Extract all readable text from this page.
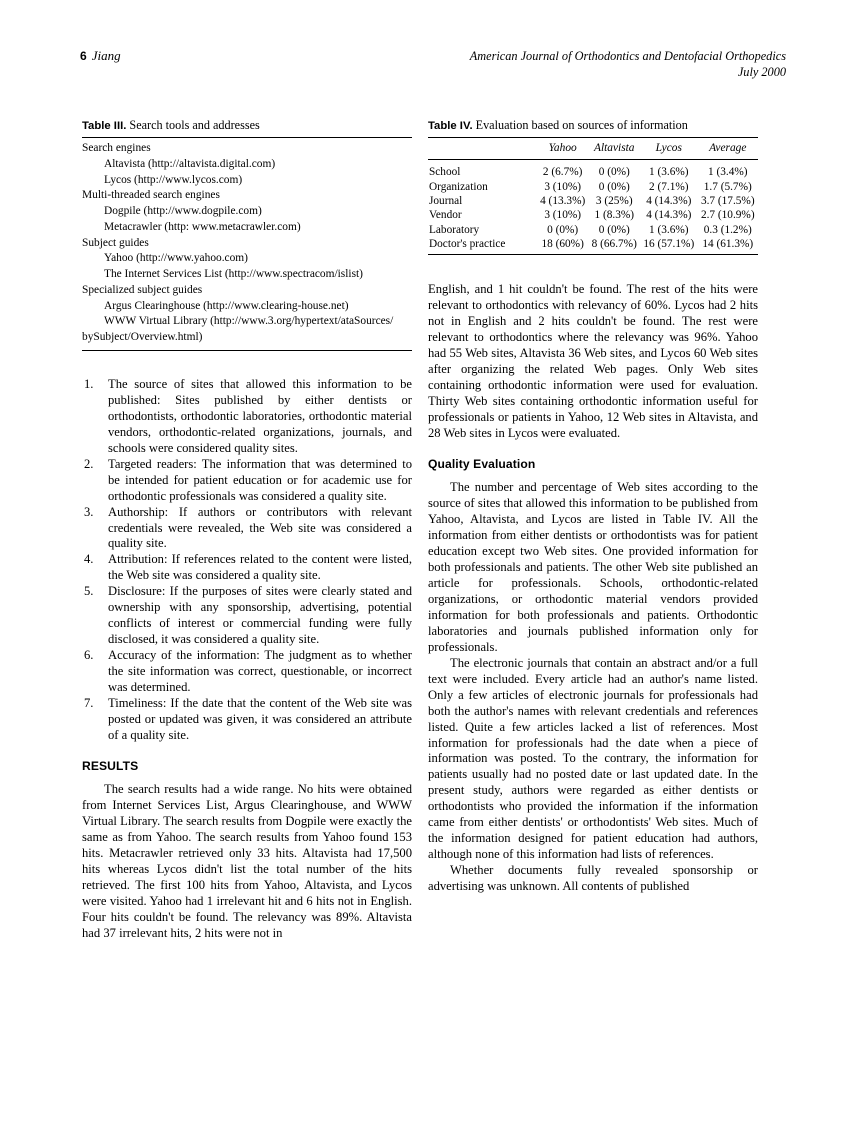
6 Jiang	American Journal of Orthodontics and Dentofacial Orthopedics
July 2000
Table III. Search tools and addresses
Search engines
Altavista (http://altavista.digital.com)
Lycos (http://www.lycos.com)
Multi-threaded search engines
Dogpile (http://www.dogpile.com)
Metacrawler (http: www.metacrawler.com)
Subject guides
Yahoo (http://www.yahoo.com)
The Internet Services List (http://www.spectracom/islist)
Specialized subject guides
Argus Clearinghouse (http://www.clearing-house.net)
WWW Virtual Library (http://www.3.org/hypertext/ataSources/
bySubject/Overview.html)
1.	The source of sites that allowed this information to be published: Sites published by either dentists or orthodontists, orthodontic laboratories, orthodontic material vendors, orthodontic-related organizations, journals, and schools were considered quality sites.
2.	Targeted readers: The information that was determined to be intended for patient education or for academic use for orthodontic professionals was considered a quality site.
3.	Authorship: If authors or contributors with relevant credentials were revealed, the Web site was considered a quality site.
4.	Attribution: If references related to the content were listed, the Web site was considered a quality site.
5.	Disclosure: If the purposes of sites were clearly stated and ownership with any sponsorship, advertising, potential conflicts of interest or commercial funding were fully disclosed, it was considered a quality site.
6.	Accuracy of the information: The judgment as to whether the site information was correct, questionable, or incorrect was determined.
7.	Timeliness: If the date that the content of the Web site was posted or updated was given, it was considered an attribute of a quality site.
RESULTS

The search results had a wide range. No hits were obtained from Internet Services List, Argus Clearinghouse, and WWW Virtual Library. The search results from Dogpile were exactly the same as from Yahoo. The search results from Yahoo found 153 hits. Metacrawler retrieved only 33 hits. Altavista had 17,500 hits whereas Lycos didn't list the total number of the hits retrieved. The first 100 hits from Yahoo, Altavista, and Lycos were visited. Yahoo had 1 irrelevant hit and 6 hits not in English. Four hits couldn't be found. The relevancy was 89%. Altavista had 37 irrelevant hits, 2 hits were not in

Table IV. Evaluation based on sources of information
	Yahoo	Altavista	Lycos	Average
School	2 (6.7%)	0 (0%)	1 (3.6%)	1 (3.4%)
Organization	3 (10%)	0 (0%)	2 (7.1%)	1.7 (5.7%)
Journal	4 (13.3%)	3 (25%)	4 (14.3%)	3.7 (17.5%)
Vendor	3 (10%)	1 (8.3%)	4 (14.3%)	2.7 (10.9%)
Laboratory	0 (0%)	0 (0%)	1 (3.6%)	0.3 (1.2%)
Doctor's practice	18 (60%)	8 (66.7%)	16 (57.1%)	14 (61.3%)

English, and 1 hit couldn't be found. The rest of the hits were relevant to orthodontics with relevancy of 60%. Lycos had 2 hits not in English and 2 hits couldn't be found. The rest were relevant to orthodontics where the relevancy was 96%. Yahoo had 55 Web sites, Altavista 36 Web sites, and Lycos 60 Web sites after organizing the related Web pages. Only Web sites containing orthodontic information were used for evaluation. Thirty Web sites containing orthodontic information useful for professionals or patients in Yahoo, 12 Web sites in Altavista, and 28 Web sites in Lycos were evaluated.

Quality Evaluation

The number and percentage of Web sites according to the source of sites that allowed this information to be published from Yahoo, Altavista, and Lycos are listed in Table IV. All the information from either dentists or orthodontists was for patient education except two Web sites. One provided information for both professionals and patients. The other Web site published an article for professionals. Schools, orthodontic-related organizations, or orthodontic material vendors provided information for both professionals and patients. Orthodontic laboratories and journals published information only for professionals.

The electronic journals that contain an abstract and/or a full text were included. Every article had an author's name listed. Only a few articles of electronic journals for professionals had both the author's names with relevant credentials and references listed. Quite a few articles lacked a list of references. Most information for professionals had the date when a piece of information was posted. To the contrary, the information for patients usually had no posted date or last updated date. In the present study, authors were regarded as either dentists or orthodontists who provided the information if the information came from either dentists' or orthodontists' Web sites. Much of the information designed for patient education had authors, although none of this information had lists of references.

Whether documents fully revealed sponsorship or advertising was unknown. All contents of published
